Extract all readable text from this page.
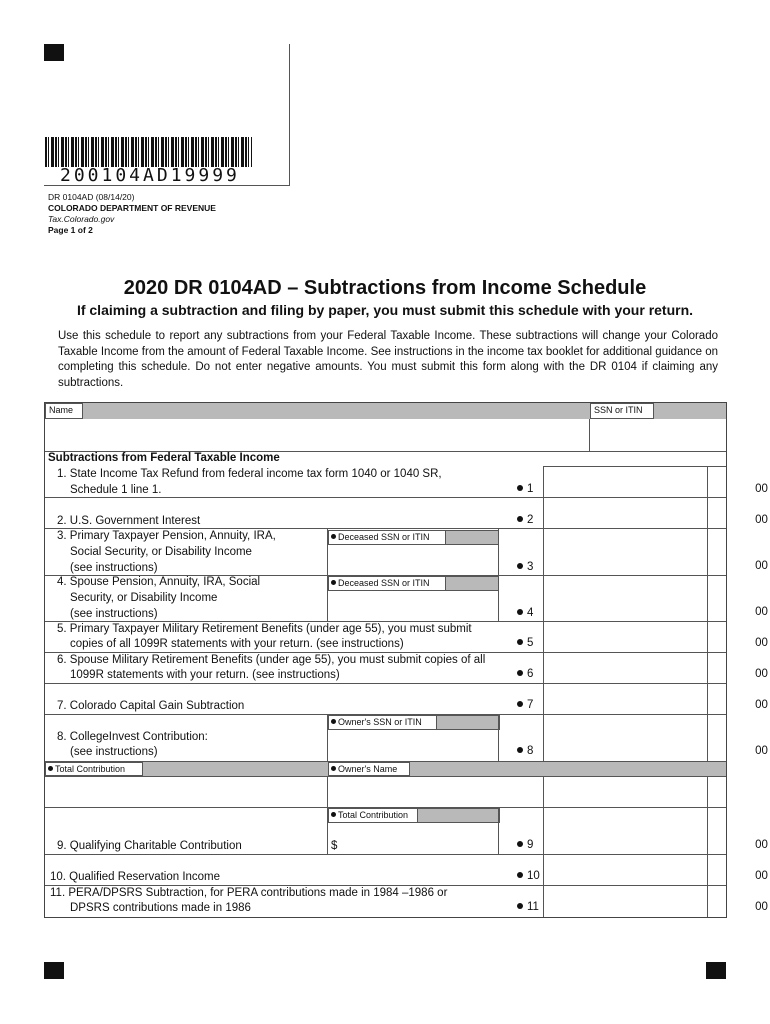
200104AD19999
DR 0104AD (08/14/20)
COLORADO DEPARTMENT OF REVENUE
Tax.Colorado.gov
Page 1 of 2
2020 DR 0104AD – Subtractions from Income Schedule
If claiming a subtraction and filing by paper, you must submit this schedule with your return.
Use this schedule to report any subtractions from your Federal Taxable Income. These subtractions will change your Colorado Taxable Income from the amount of Federal Taxable Income. See instructions in the income tax booklet for additional guidance on completing this schedule. Do not enter negative amounts. You must submit this form along with the DR 0104 if claiming any subtractions.
Name	SSN or ITIN
Subtractions from Federal Taxable Income
1. State Income Tax Refund from federal income tax form 1040 or 1040 SR,
Schedule 1 line 1.	1	00
2. U.S. Government Interest	2	00
3. Primary Taxpayer Pension, Annuity, IRA,
Social Security, or Disability Income
(see instructions)
Deceased SSN or ITIN
3	00
4. Spouse Pension, Annuity, IRA, Social
Security, or Disability Income
(see instructions)
Deceased SSN or ITIN
4	00
5. Primary Taxpayer Military Retirement Benefits (under age 55), you must submit
copies of all 1099R statements with your return. (see instructions)	5	00
6. Spouse Military Retirement Benefits (under age 55), you must submit copies of all
1099R statements with your return. (see instructions)	6	00
7. Colorado Capital Gain Subtraction	7	00
8. CollegeInvest Contribution:
(see instructions)
Owner's SSN or ITIN
8	00
Total Contribution	Owner's Name
Total Contribution
9. Qualifying Charitable Contribution	$	9	00
10. Qualified Reservation Income	10	00
11. PERA/DPSRS Subtraction, for PERA contributions made in 1984 –1986 or
DPSRS contributions made in 1986	11	00
